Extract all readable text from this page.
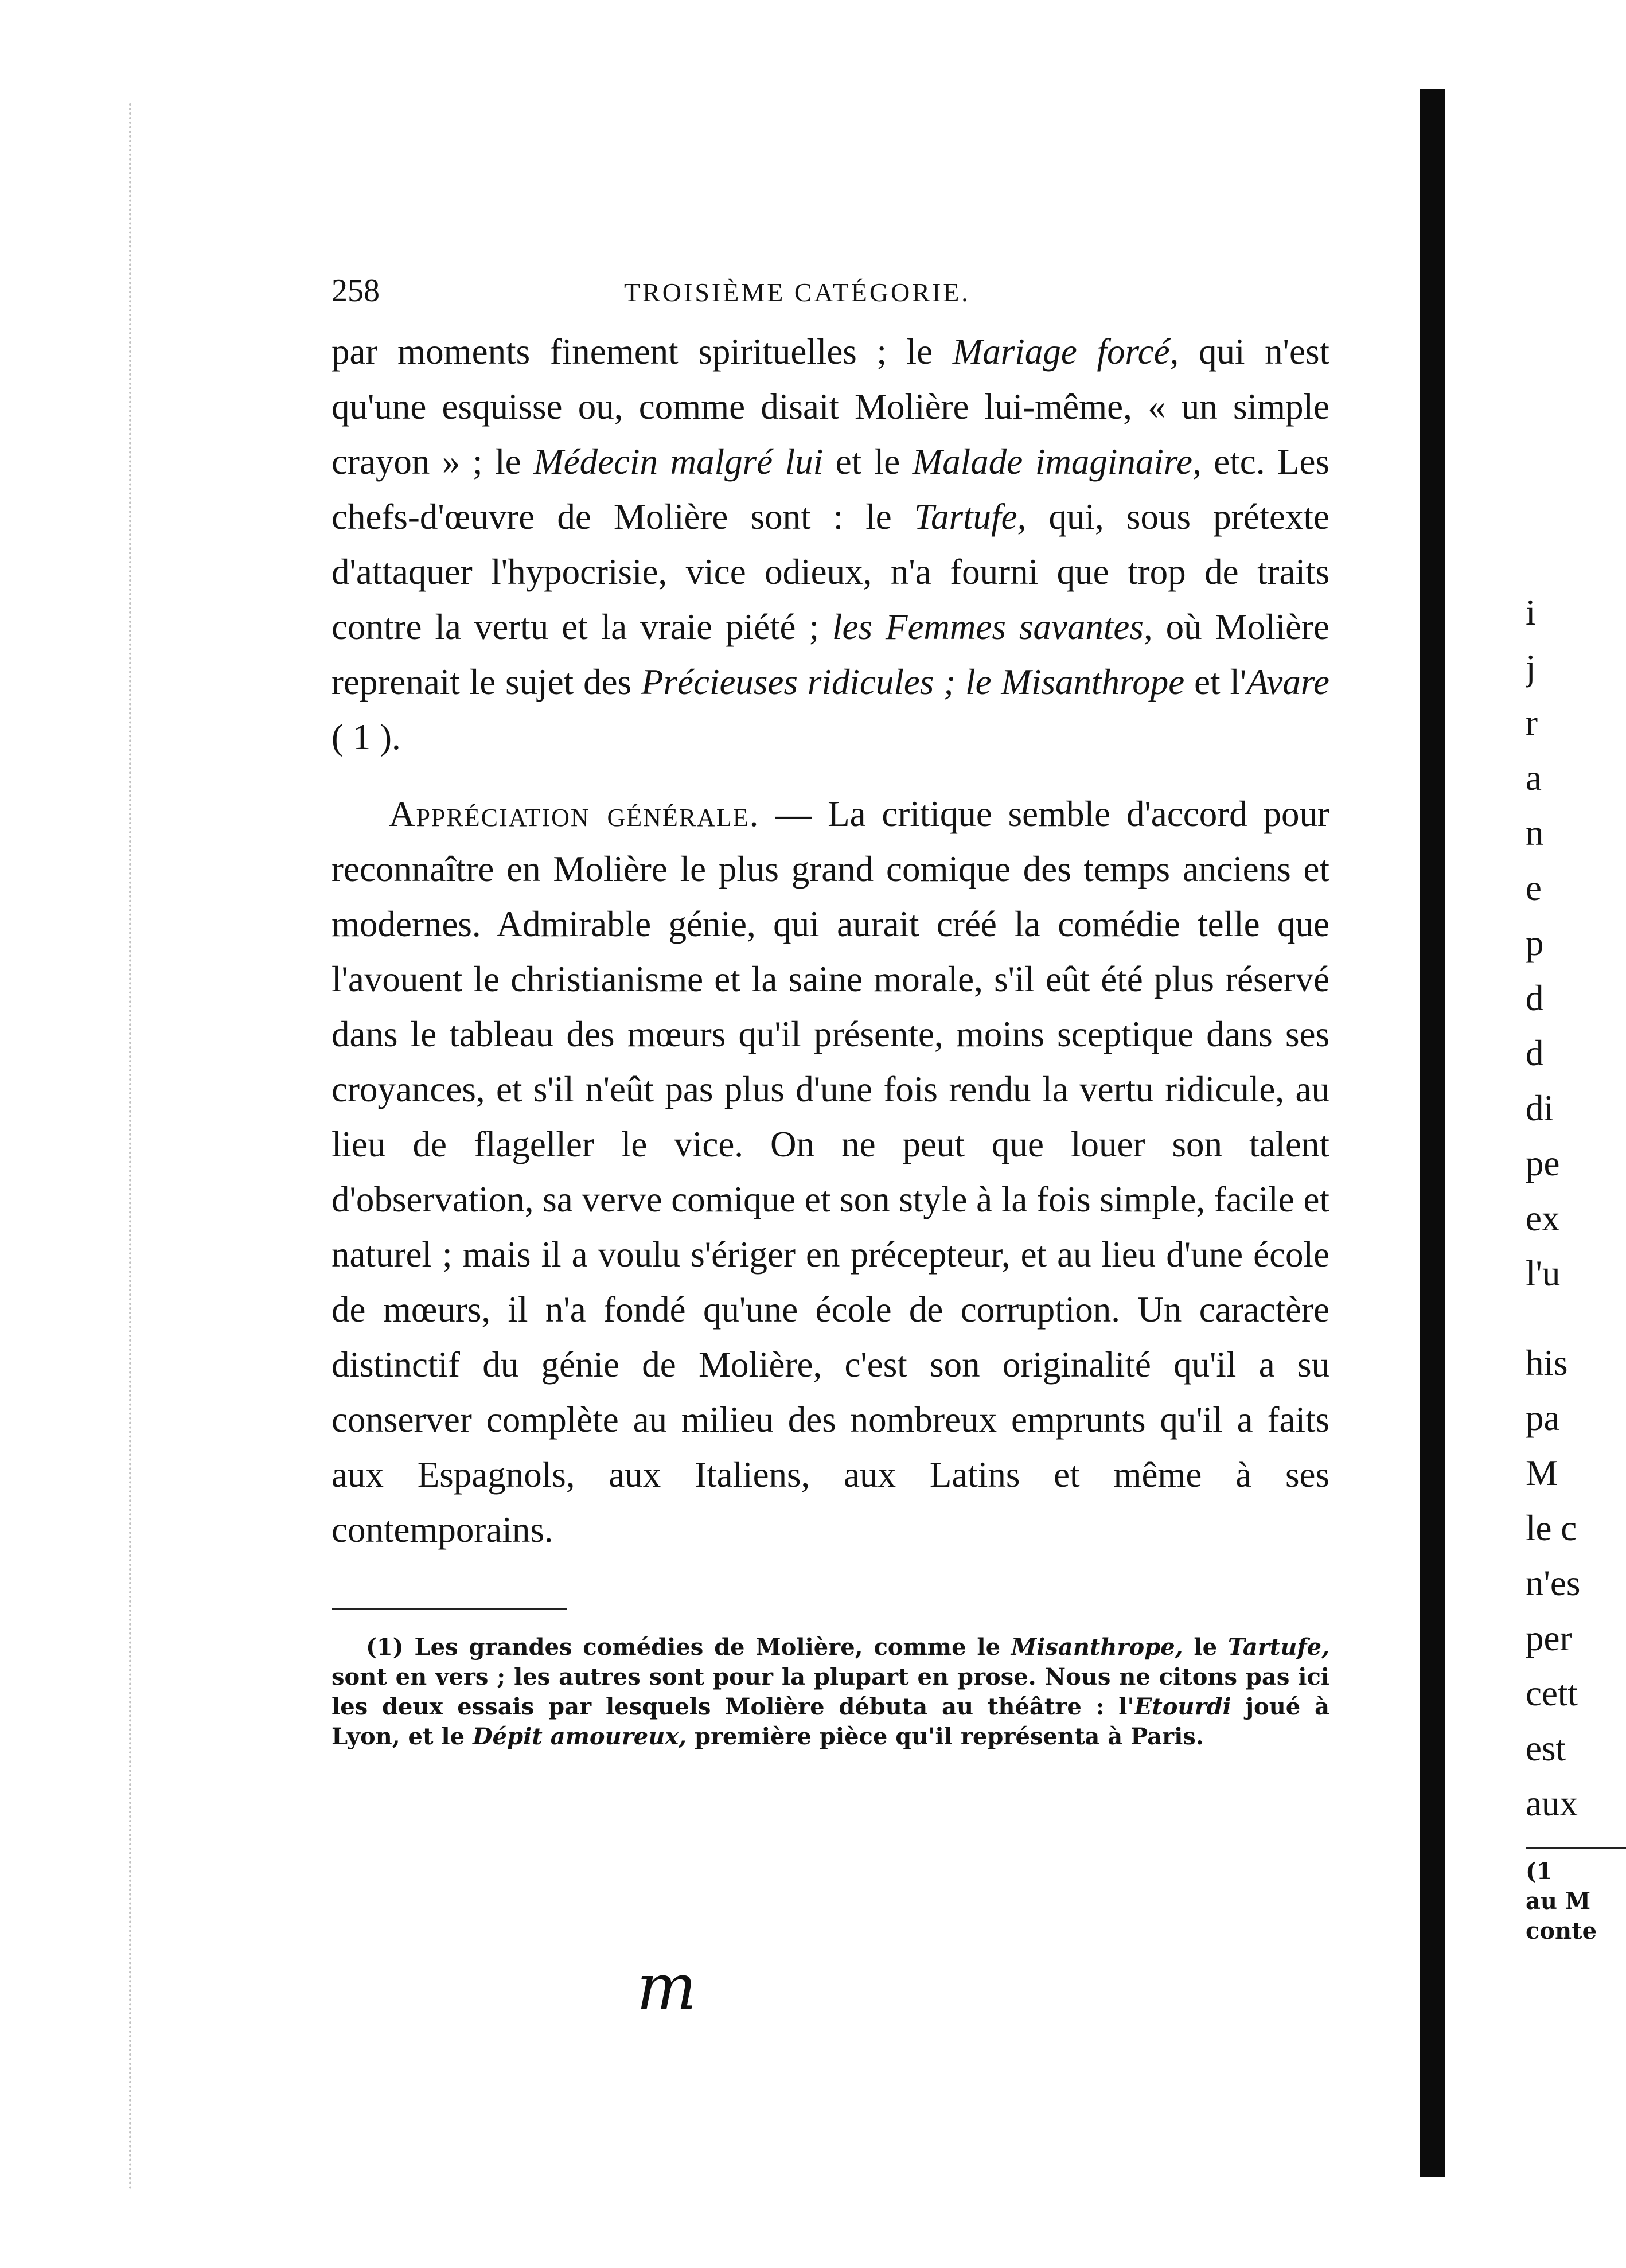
258	TROISIÈME CATÉGORIE.

par moments finement spirituelles ; le Mariage forcé, qui n'est qu'une esquisse ou, comme disait Molière lui-même, « un simple crayon » ; le Médecin malgré lui et le Malade imaginaire, etc. Les chefs-d'œuvre de Molière sont : le Tartufe, qui, sous prétexte d'attaquer l'hypocrisie, vice odieux, n'a fourni que trop de traits contre la vertu et la vraie piété ; les Femmes savantes, où Molière reprenait le sujet des Précieuses ridicules ; le Misanthrope et l'Avare ( 1 ).

Appréciation générale. — La critique semble d'accord pour reconnaître en Molière le plus grand comique des temps anciens et modernes. Admirable génie, qui aurait créé la comédie telle que l'avouent le christianisme et la saine morale, s'il eût été plus réservé dans le tableau des mœurs qu'il présente, moins sceptique dans ses croyances, et s'il n'eût pas plus d'une fois rendu la vertu ridicule, au lieu de flageller le vice. On ne peut que louer son talent d'observation, sa verve comique et son style à la fois simple, facile et naturel ; mais il a voulu s'ériger en précepteur, et au lieu d'une école de mœurs, il n'a fondé qu'une école de corruption. Un caractère distinctif du génie de Molière, c'est son originalité qu'il a su conserver complète au milieu des nombreux emprunts qu'il a faits aux Espagnols, aux Italiens, aux Latins et même à ses contemporains.

(1) Les grandes comédies de Molière, comme le Misanthrope, le Tartufe, sont en vers ; les autres sont pour la plupart en prose. Nous ne citons pas ici les deux essais par lesquels Molière débuta au théâtre : l'Etourdi joué à Lyon, et le Dépit amoureux, première pièce qu'il représenta à Paris.

m
i
j
r
a
n
e
p
d
d
di
pe
ex
l'u
his
pa
M
le c
n'es
per
cett
est
aux
(1
au M
conte
